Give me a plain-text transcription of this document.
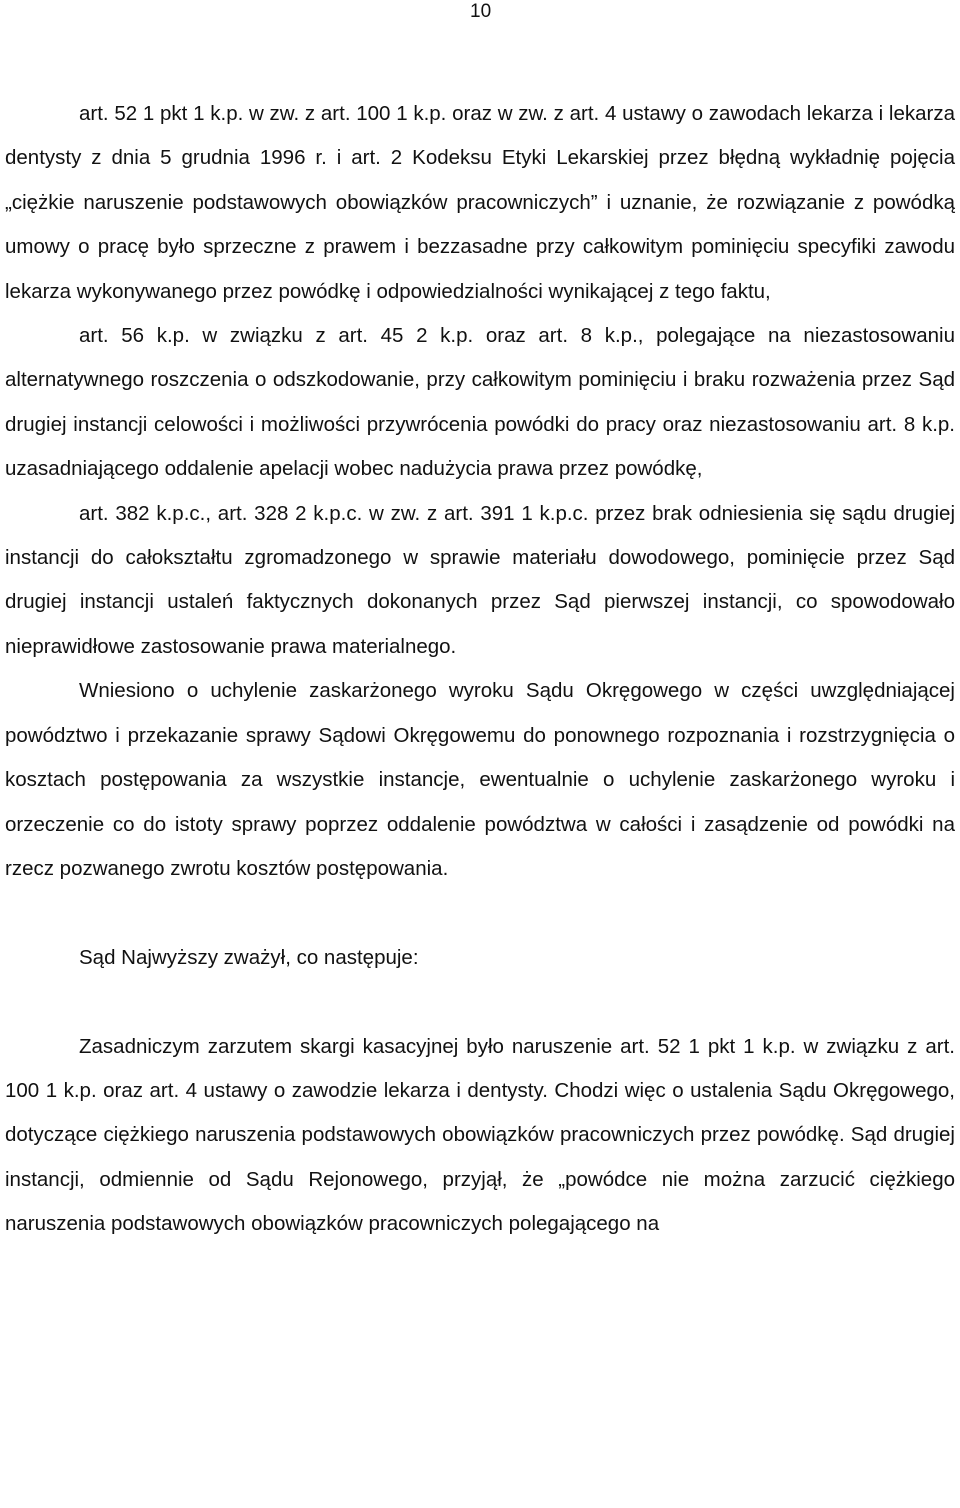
10

art. 52 1 pkt 1 k.p. w zw. z art. 100 1 k.p. oraz w zw. z art. 4 ustawy o zawodach lekarza i lekarza dentysty z dnia 5 grudnia 1996 r. i art. 2 Kodeksu Etyki Lekarskiej przez błędną wykładnię pojęcia „ciężkie naruszenie podstawowych obowiązków pracowniczych” i uznanie, że rozwiązanie z powódką umowy o pracę było sprzeczne z prawem i bezzasadne przy całkowitym pominięciu specyfiki zawodu lekarza wykonywanego przez powódkę i odpowiedzialności wynikającej z tego faktu,

art. 56 k.p. w związku z art. 45 2 k.p. oraz art. 8 k.p., polegające na niezastosowaniu alternatywnego roszczenia o odszkodowanie, przy całkowitym pominięciu i braku rozważenia przez Sąd drugiej instancji celowości i możliwości przywrócenia powódki do pracy oraz niezastosowaniu art. 8 k.p. uzasadniającego oddalenie apelacji wobec nadużycia prawa przez powódkę,

art. 382 k.p.c., art. 328 2 k.p.c. w zw. z art. 391 1 k.p.c. przez brak odniesienia się sądu drugiej instancji do całokształtu zgromadzonego w sprawie materiału dowodowego, pominięcie przez Sąd drugiej instancji ustaleń faktycznych dokonanych przez Sąd pierwszej instancji, co spowodowało nieprawidłowe zastosowanie prawa materialnego.

Wniesiono o uchylenie zaskarżonego wyroku Sądu Okręgowego w części uwzględniającej powództwo i przekazanie sprawy Sądowi Okręgowemu do ponownego rozpoznania i rozstrzygnięcia o kosztach postępowania za wszystkie instancje, ewentualnie o uchylenie zaskarżonego wyroku i orzeczenie co do istoty sprawy poprzez oddalenie powództwa w całości i zasądzenie od powódki na rzecz pozwanego zwrotu kosztów postępowania.

Sąd Najwyższy zważył, co następuje:

Zasadniczym zarzutem skargi kasacyjnej było naruszenie art. 52 1 pkt 1 k.p. w związku z art. 100 1 k.p. oraz art. 4 ustawy o zawodzie lekarza i dentysty. Chodzi więc o ustalenia Sądu Okręgowego, dotyczące ciężkiego naruszenia podstawowych obowiązków pracowniczych przez powódkę. Sąd drugiej instancji, odmiennie od Sądu Rejonowego, przyjął, że „powódce nie można zarzucić ciężkiego naruszenia podstawowych obowiązków pracowniczych polegającego na
